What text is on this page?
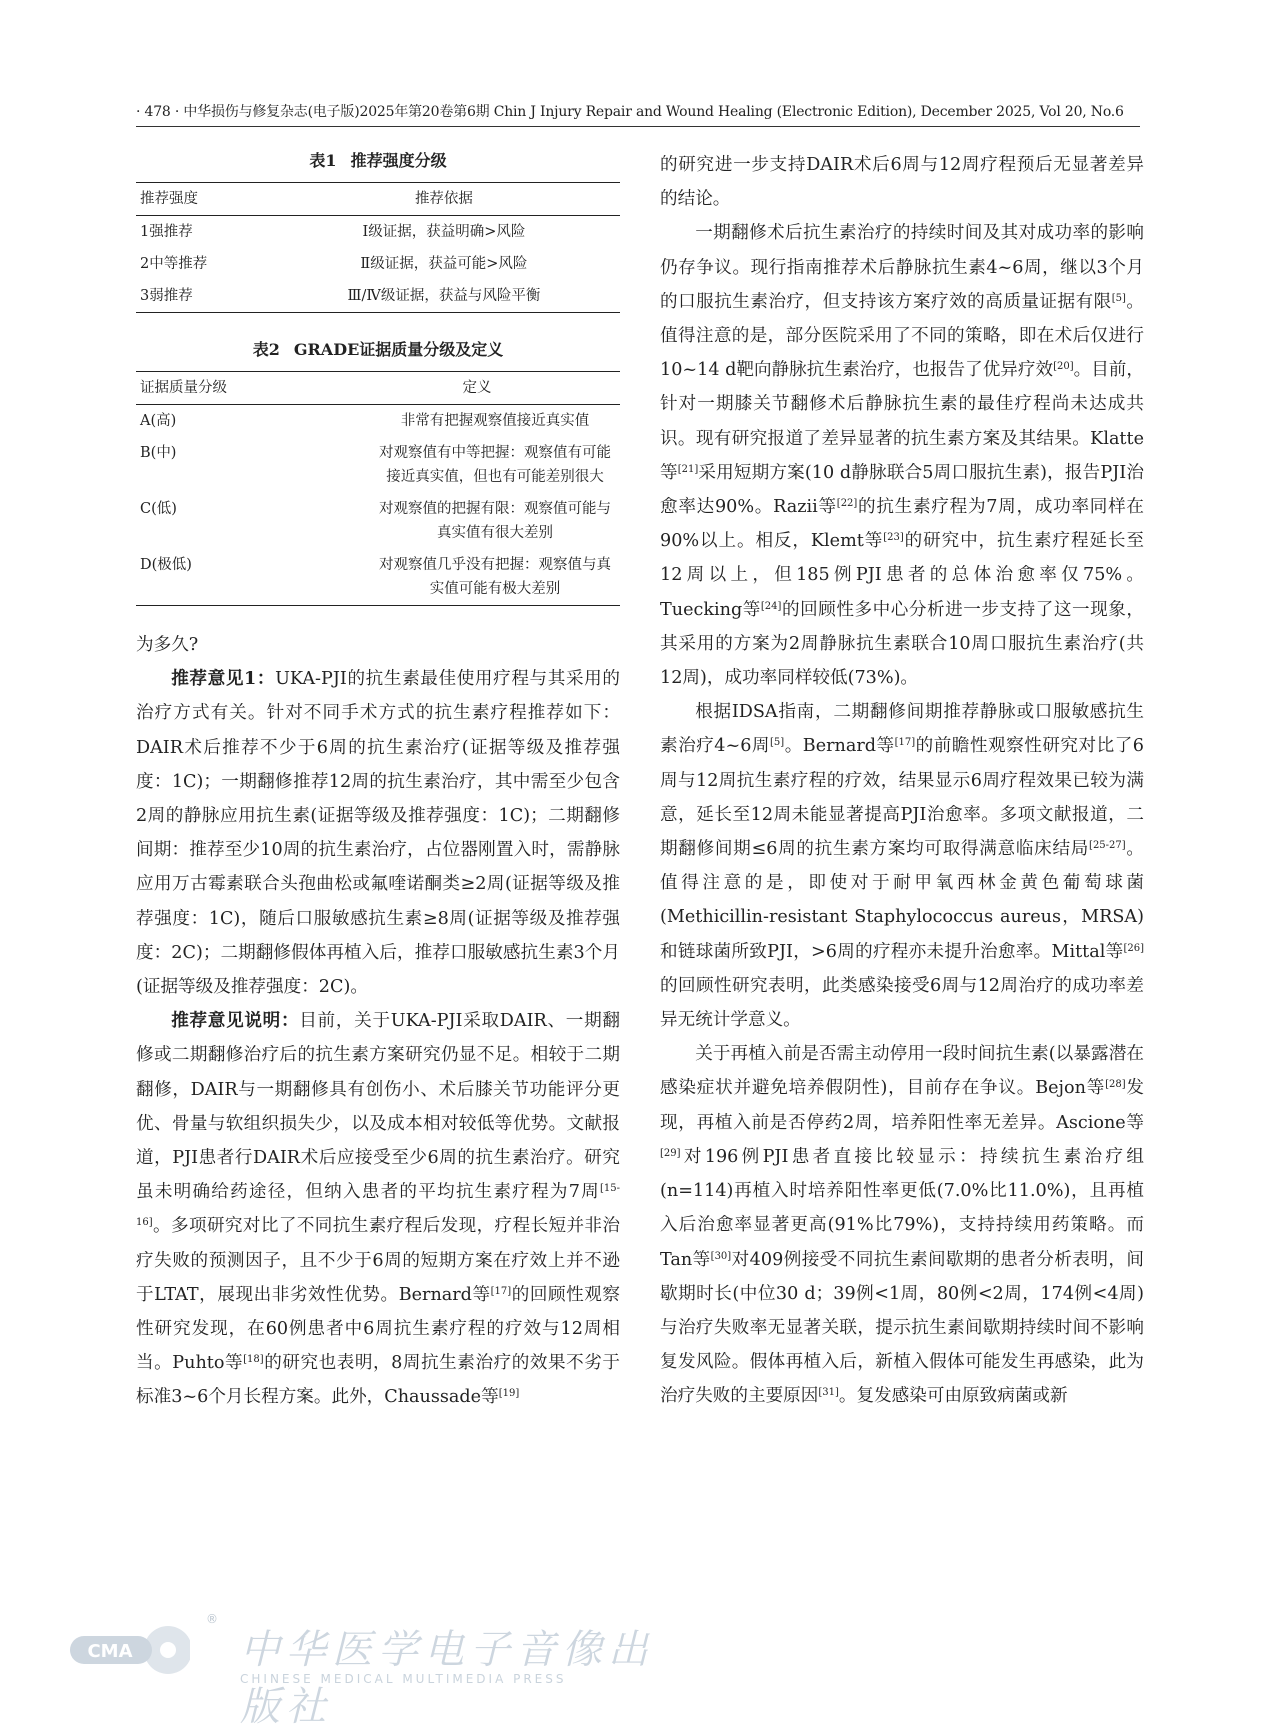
· 478 · 中华损伤与修复杂志(电子版)2025年第20卷第6期 Chin J Injury Repair and Wound Healing (Electronic Edition), December 2025, Vol 20, No.6
表1 推荐强度分级
推荐强度	推荐依据
1强推荐	Ⅰ级证据，获益明确>风险
2中等推荐	Ⅱ级证据，获益可能>风险
3弱推荐	Ⅲ/Ⅳ级证据，获益与风险平衡
表2 GRADE证据质量分级及定义
证据质量分级	定义
A(高)	非常有把握观察值接近真实值
B(中)	对观察值有中等把握：观察值有可能接近真实值，但也有可能差别很大
C(低)	对观察值的把握有限：观察值可能与真实值有很大差别
D(极低)	对观察值几乎没有把握：观察值与真实值可能有极大差别

为多久?

推荐意见1：UKA-PJI的抗生素最佳使用疗程与其采用的治疗方式有关。针对不同手术方式的抗生素疗程推荐如下：DAIR术后推荐不少于6周的抗生素治疗(证据等级及推荐强度：1C)；一期翻修推荐12周的抗生素治疗，其中需至少包含2周的静脉应用抗生素(证据等级及推荐强度：1C)；二期翻修间期：推荐至少10周的抗生素治疗，占位器刚置入时，需静脉应用万古霉素联合头孢曲松或氟喹诺酮类≥2周(证据等级及推荐强度：1C)，随后口服敏感抗生素≥8周(证据等级及推荐强度：2C)；二期翻修假体再植入后，推荐口服敏感抗生素3个月(证据等级及推荐强度：2C)。

推荐意见说明：目前，关于UKA-PJI采取DAIR、一期翻修或二期翻修治疗后的抗生素方案研究仍显不足。相较于二期翻修，DAIR与一期翻修具有创伤小、术后膝关节功能评分更优、骨量与软组织损失少，以及成本相对较低等优势。文献报道，PJI患者行DAIR术后应接受至少6周的抗生素治疗。研究虽未明确给药途径，但纳入患者的平均抗生素疗程为7周[15-16]。多项研究对比了不同抗生素疗程后发现，疗程长短并非治疗失败的预测因子，且不少于6周的短期方案在疗效上并不逊于LTAT，展现出非劣效性优势。Bernard等[17]的回顾性观察性研究发现，在60例患者中6周抗生素疗程的疗效与12周相当。Puhto等[18]的研究也表明，8周抗生素治疗的效果不劣于标准3~6个月长程方案。此外，Chaussade等[19]

的研究进一步支持DAIR术后6周与12周疗程预后无显著差异的结论。

一期翻修术后抗生素治疗的持续时间及其对成功率的影响仍存争议。现行指南推荐术后静脉抗生素4~6周，继以3个月的口服抗生素治疗，但支持该方案疗效的高质量证据有限[5]。值得注意的是，部分医院采用了不同的策略，即在术后仅进行10~14 d靶向静脉抗生素治疗，也报告了优异疗效[20]。目前，针对一期膝关节翻修术后静脉抗生素的最佳疗程尚未达成共识。现有研究报道了差异显著的抗生素方案及其结果。Klatte等[21]采用短期方案(10 d静脉联合5周口服抗生素)，报告PJI治愈率达90%。Razii等[22]的抗生素疗程为7周，成功率同样在90%以上。相反，Klemt等[23]的研究中，抗生素疗程延长至12周以上，但185例PJI患者的总体治愈率仅75%。Tuecking等[24]的回顾性多中心分析进一步支持了这一现象，其采用的方案为2周静脉抗生素联合10周口服抗生素治疗(共12周)，成功率同样较低(73%)。

根据IDSA指南，二期翻修间期推荐静脉或口服敏感抗生素治疗4~6周[5]。Bernard等[17]的前瞻性观察性研究对比了6周与12周抗生素疗程的疗效，结果显示6周疗程效果已较为满意，延长至12周未能显著提高PJI治愈率。多项文献报道，二期翻修间期≤6周的抗生素方案均可取得满意临床结局[25-27]。值得注意的是，即使对于耐甲氧西林金黄色葡萄球菌(Methicillin-resistant Staphylococcus aureus，MRSA)和链球菌所致PJI，>6周的疗程亦未提升治愈率。Mittal等[26]的回顾性研究表明，此类感染接受6周与12周治疗的成功率差异无统计学意义。

关于再植入前是否需主动停用一段时间抗生素(以暴露潜在感染症状并避免培养假阴性)，目前存在争议。Bejon等[28]发现，再植入前是否停药2周，培养阳性率无差异。Ascione等[29]对196例PJI患者直接比较显示：持续抗生素治疗组(n=114)再植入时培养阳性率更低(7.0%比11.0%)，且再植入后治愈率显著更高(91%比79%)，支持持续用药策略。而Tan等[30]对409例接受不同抗生素间歇期的患者分析表明，间歇期时长(中位30 d；39例<1周，80例<2周，174例<4周)与治疗失败率无显著关联，提示抗生素间歇期持续时间不影响复发风险。假体再植入后，新植入假体可能发生再感染，此为治疗失败的主要原因[31]。复发感染可由原致病菌或新

CMA
®
中华医学电子音像出版社
CHINESE MEDICAL MULTIMEDIA PRESS
